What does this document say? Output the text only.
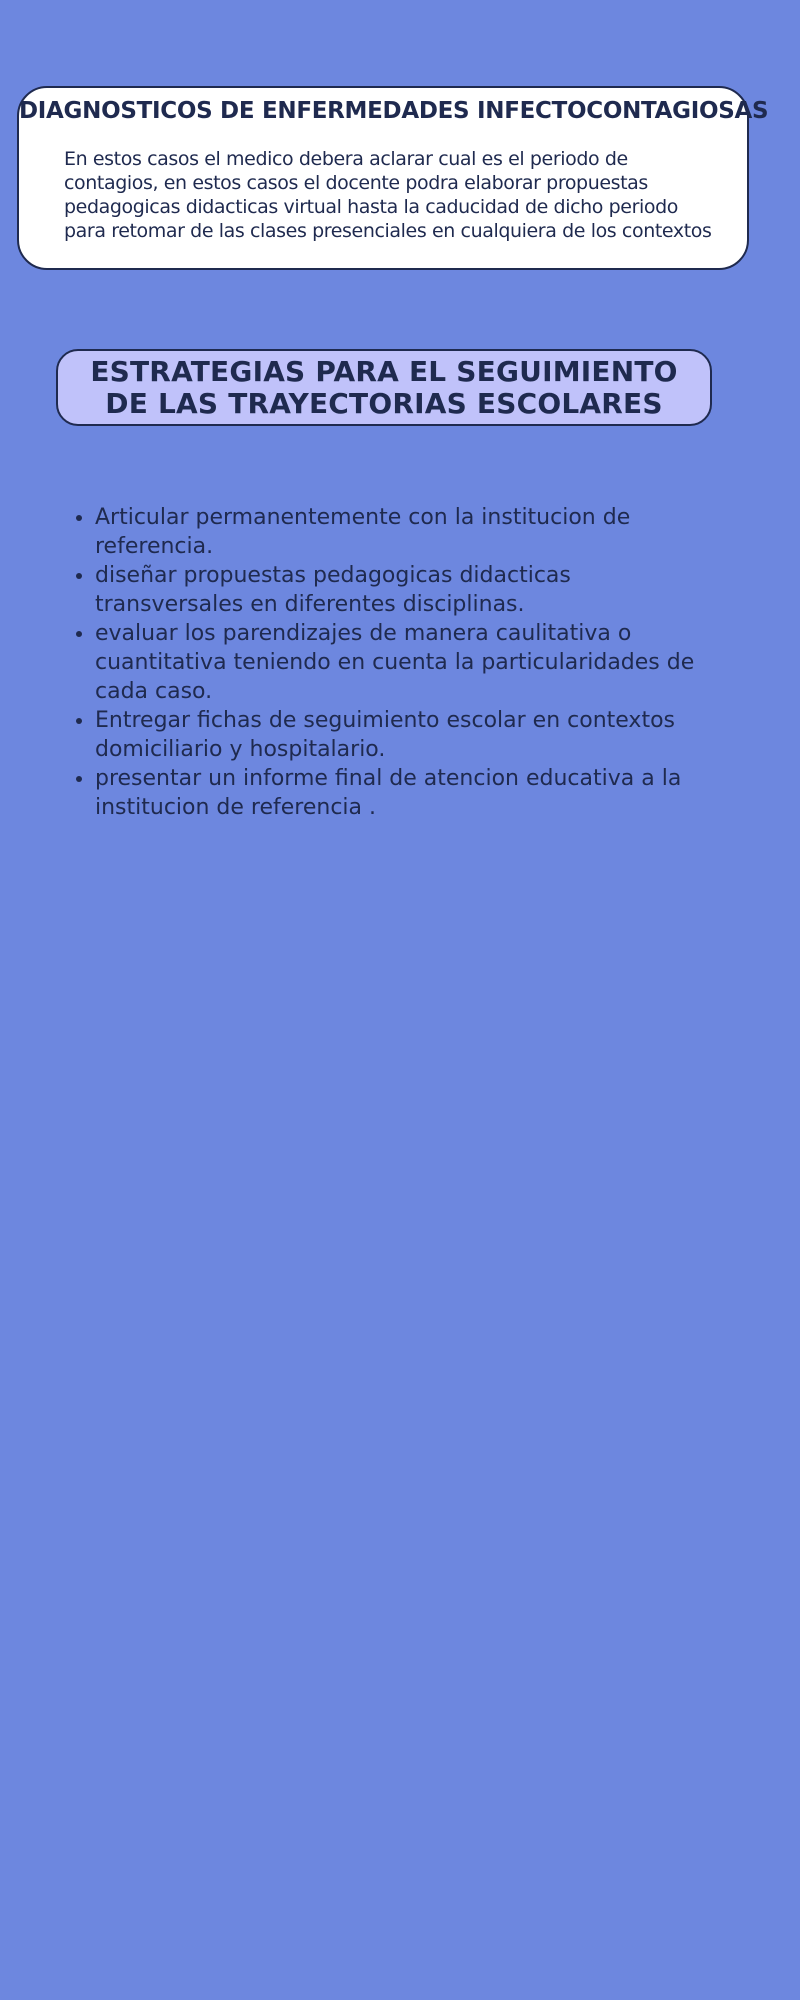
DIAGNOSTICOS DE ENFERMEDADES INFECTOCONTAGIOSAS

En estos casos el medico debera aclarar cual es el periodo de contagios, en estos casos el docente podra elaborar propuestas pedagogicas didacticas virtual hasta la caducidad de dicho periodo para retomar de las clases presenciales en cualquiera de los contextos

ESTRATEGIAS PARA EL SEGUIMIENTO
DE LAS TRAYECTORIAS ESCOLARES
• Articular permanentemente con la institucion de referencia.
• diseñar propuestas pedagogicas didacticas transversales en diferentes disciplinas.
• evaluar los parendizajes de manera caulitativa o cuantitativa teniendo en cuenta la particularidades de cada caso.
• Entregar fichas de seguimiento escolar en contextos domiciliario y hospitalario.
• presentar un informe final de atencion educativa a la institucion de referencia .
